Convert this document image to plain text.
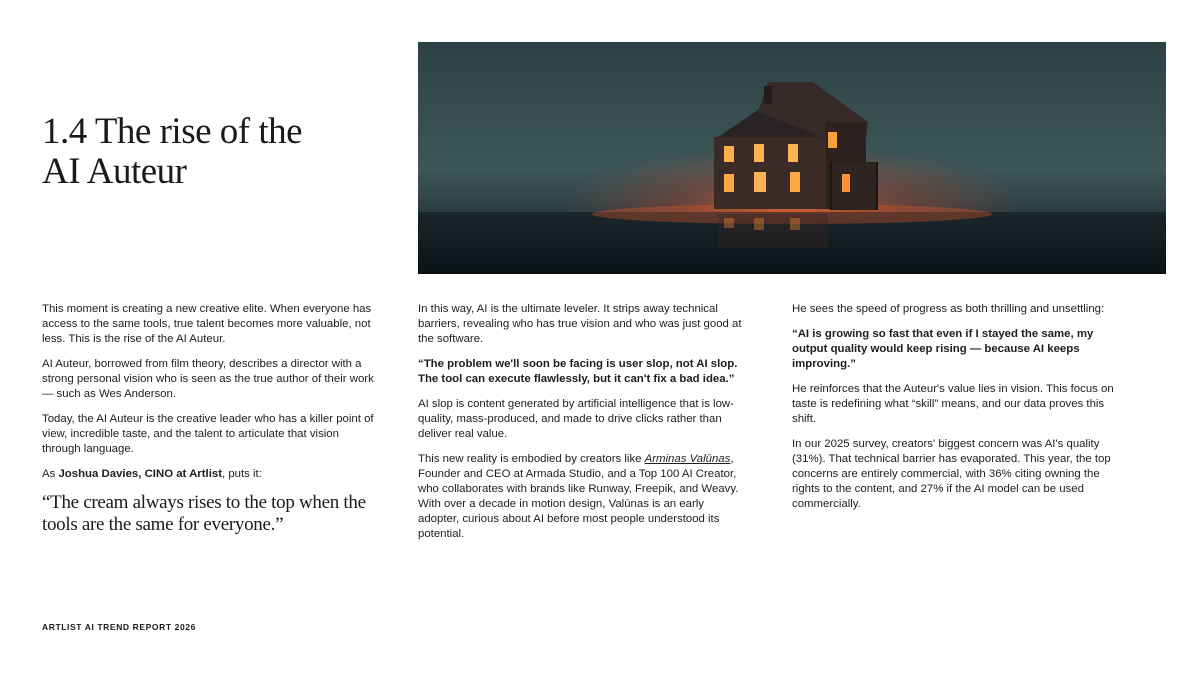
1.4 The rise of the
AI Auteur

This moment is creating a new creative elite. When everyone has access to the same tools, true talent becomes more valuable, not less. This is the rise of the AI Auteur.

AI Auteur, borrowed from film theory, describes a director with a strong personal vision who is seen as the true author of their work — such as Wes Anderson.

Today, the AI Auteur is the creative leader who has a killer point of view, incredible taste, and the talent to articulate that vision through language.

As Joshua Davies, CINO at Artlist, puts it:

“The cream always rises to the top when the tools are the same for everyone.”

In this way, AI is the ultimate leveler. It strips away technical barriers, revealing who has true vision and who was just good at the software.

“The problem we'll soon be facing is user slop, not AI slop. The tool can execute flawlessly, but it can't fix a bad idea.”

AI slop is content generated by artificial intelligence that is low-quality, mass-produced, and made to drive clicks rather than deliver real value.

This new reality is embodied by creators like Arminas Valūnas, Founder and CEO at Armada Studio, and a Top 100 AI Creator, who collaborates with brands like Runway, Freepik, and Weavy. With over a decade in motion design, Valūnas is an early adopter, curious about AI before most people understood its potential.

He sees the speed of progress as both thrilling and unsettling:

“AI is growing so fast that even if I stayed the same, my output quality would keep rising — because AI keeps improving.”

He reinforces that the Auteur's value lies in vision. This focus on taste is redefining what “skill” means, and our data proves this shift.

In our 2025 survey, creators' biggest concern was AI's quality (31%). That technical barrier has evaporated. This year, the top concerns are entirely commercial, with 36% citing owning the rights to the content, and 27% if the AI model can be used commercially.

ARTLIST AI TREND REPORT 2026
